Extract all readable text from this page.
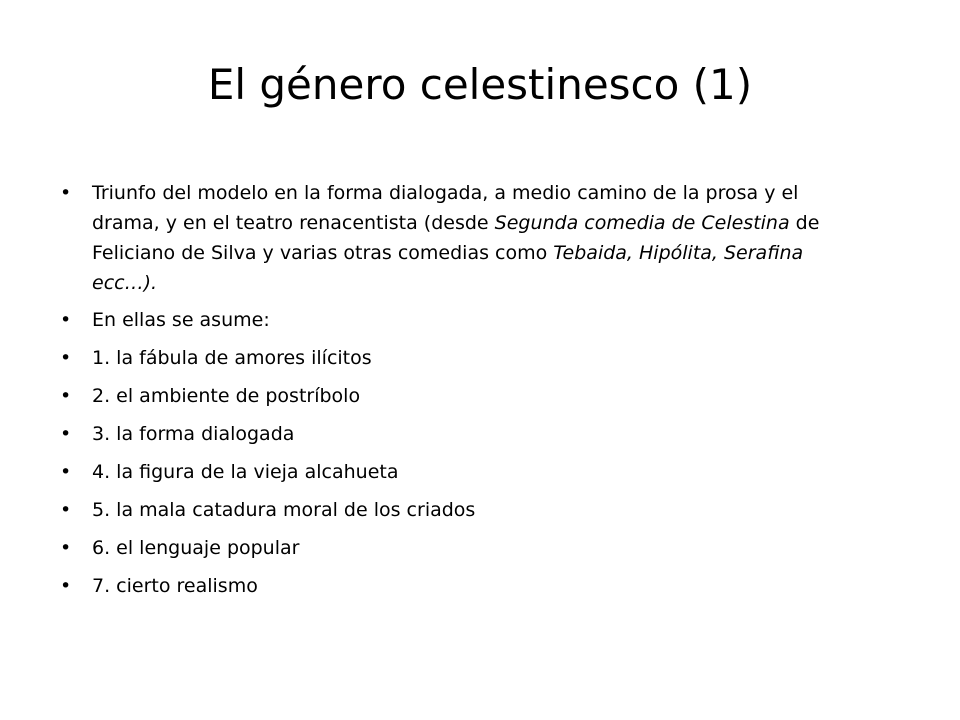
El género celestinesco (1)
• Triunfo del modelo en la forma dialogada, a medio camino de la prosa y el drama, y en el teatro renacentista (desde Segunda comedia de Celestina de Feliciano de Silva y varias otras comedias como Tebaida, Hipólita, Serafina ecc…).
• En ellas se asume:
• 1. la fábula de amores ilícitos
• 2. el ambiente de postríbolo
• 3. la forma dialogada
• 4. la figura de la vieja alcahueta
• 5. la mala catadura moral de los criados
• 6. el lenguaje popular
• 7. cierto realismo
